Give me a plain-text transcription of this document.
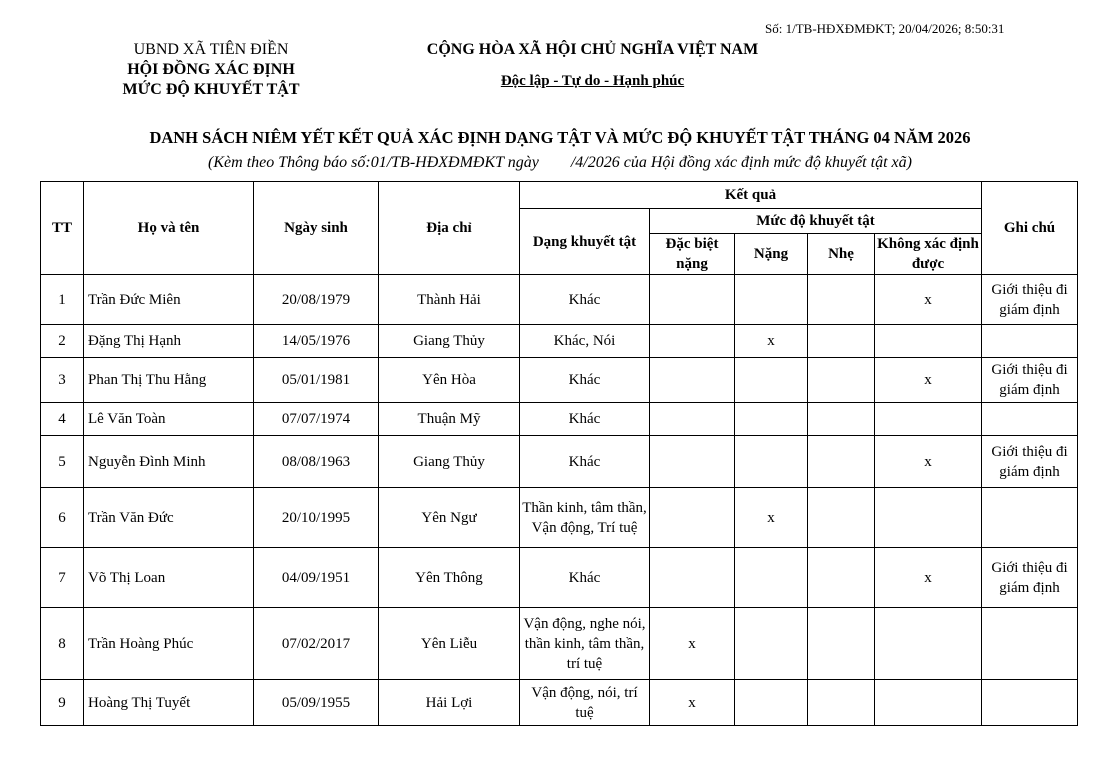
Số: 1/TB-HĐXĐMĐKT; 20/04/2026; 8:50:31
UBND XÃ TIÊN ĐIỀN
HỘI ĐỒNG XÁC ĐỊNH
MỨC ĐỘ KHUYẾT TẬT
CỘNG HÒA XÃ HỘI CHỦ NGHĨA VIỆT NAM
Độc lập - Tự do - Hạnh phúc
DANH SÁCH NIÊM YẾT KẾT QUẢ XÁC ĐỊNH DẠNG TẬT VÀ MỨC ĐỘ KHUYẾT TẬT THÁNG 04 NĂM 2026
(Kèm theo Thông báo số:01/TB-HĐXĐMĐKT ngày        /4/2026 của Hội đồng xác định mức độ khuyết tật xã)
TT	Họ và tên	Ngày sinh	Địa chỉ	Kết quả					Ghi chú
				Dạng khuyết tật	Mức độ khuyết tật				
					Đặc biệt nặng	Nặng	Nhẹ	Không xác định được	
1	Trần Đức Miên	20/08/1979	Thành Hải	Khác				x	Giới thiệu đi giám định
2	Đặng Thị Hạnh	14/05/1976	Giang Thủy	Khác, Nói		x			
3	Phan Thị Thu Hằng	05/01/1981	Yên Hòa	Khác				x	Giới thiệu đi giám định
4	Lê Văn Toàn	07/07/1974	Thuận Mỹ	Khác					
5	Nguyễn Đình Minh	08/08/1963	Giang Thủy	Khác				x	Giới thiệu đi giám định
6	Trần Văn Đức	20/10/1995	Yên Ngư	Thần kinh, tâm thần, Vận động, Trí tuệ		x			
7	Võ Thị Loan	04/09/1951	Yên Thông	Khác				x	Giới thiệu đi giám định
8	Trần Hoàng Phúc	07/02/2017	Yên Liễu	Vận động, nghe nói, thần kinh, tâm thần, trí tuệ	x				
9	Hoàng Thị Tuyết	05/09/1955	Hải Lợi	Vận động, nói, trí tuệ	x				
